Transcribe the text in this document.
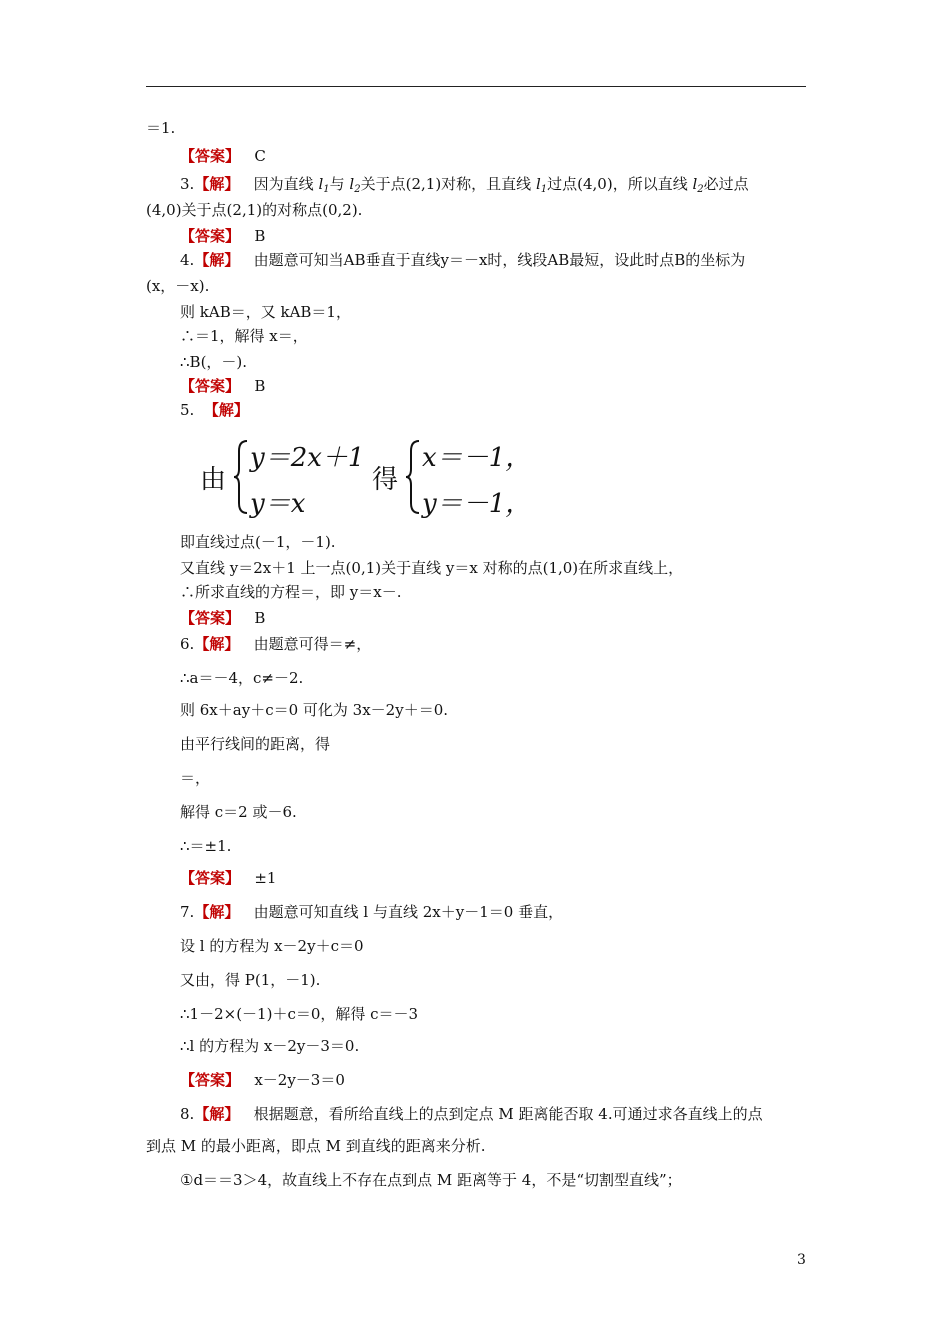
＝1.
【答案】 C
3.【解】 因为直线 $l_1$与 $l_2$关于点(2,1)对称，且直线 $l_1$过点(4,0)，所以直线 $l_2$必过点
(4,0)关于点(2,1)的对称点(0,2).
【答案】 B
4.【解】 由题意可知当AB垂直于直线y＝－x时，线段AB最短，设此时点B的坐标为
(x，－x).
则 kAB＝，又 kAB＝1，
∴＝1，解得 x＝，
∴B(，－).
【答案】 B
5. 【解】
由
y＝2x＋1
y＝x
得
x＝－1，
y＝－1，
即直线过点(－1，－1).
又直线 y＝2x＋1 上一点(0,1)关于直线 y＝x 对称的点(1,0)在所求直线上，
∴所求直线的方程＝，即 y＝x－.
【答案】 B
6.【解】 由题意可得＝≠，
∴a＝－4，c≠－2.
则 6x＋ay＋c＝0 可化为 3x－2y＋＝0.
由平行线间的距离，得
＝，
解得 c＝2 或－6.
∴＝±1.
【答案】 ±1
7.【解】 由题意可知直线 l 与直线 2x＋y－1＝0 垂直，
设 l 的方程为 x－2y＋c＝0
又由，得 P(1，－1).
∴1－2×(－1)＋c＝0，解得 c＝－3
∴l 的方程为 x－2y－3＝0.
【答案】 x－2y－3＝0
8.【解】 根据题意，看所给直线上的点到定点 M 距离能否取 4.可通过求各直线上的点
到点 M 的最小距离，即点 M 到直线的距离来分析.
①d＝＝3＞4，故直线上不存在点到点 M 距离等于 4，不是“切割型直线”；
3
